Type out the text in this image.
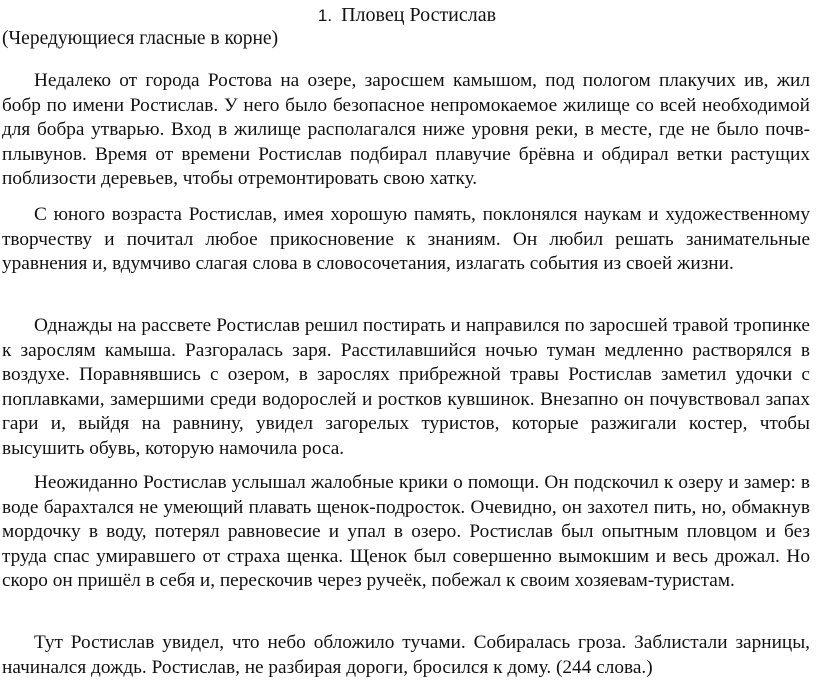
1. Пловец Ростислав
(Чередующиеся гласные в корне)

Недалеко от города Ростова на озере, заросшем камышом, под пологом плакучих ив, жил бобр по имени Ростислав. У него было безопасное непромокаемое жилище со всей необходимой для бобра утварью. Вход в жилище располагался ниже уровня реки, в месте, где не было почв-плывунов. Время от времени Ростислав подбирал плавучие брёвна и обдирал ветки растущих поблизости деревьев, чтобы отремонтировать свою хатку.

С юного возраста Ростислав, имея хорошую память, поклонялся наукам и художественному творчеству и почитал любое прикосновение к знаниям. Он любил решать занимательные уравнения и, вдумчиво слагая слова в словосочетания, излагать события из своей жизни.

Однажды на рассвете Ростислав решил постирать и направился по заросшей травой тропинке к зарослям камыша. Разгоралась заря. Расстилавшийся ночью туман медленно растворялся в воздухе. Поравнявшись с озером, в зарослях прибрежной травы Ростислав заметил удочки с поплавками, замершими среди водорослей и ростков кувшинок. Внезапно он почувствовал запах гари и, выйдя на равнину, увидел загорелых туристов, которые разжигали костер, чтобы высушить обувь, которую намочила роса.

Неожиданно Ростислав услышал жалобные крики о помощи. Он подскочил к озеру и замер: в воде барахтался не умеющий плавать щенок-подросток. Очевидно, он захотел пить, но, обмакнув мордочку в воду, потерял равновесие и упал в озеро. Ростислав был опытным пловцом и без труда спас умиравшего от страха щенка. Щенок был совершенно вымокшим и весь дрожал. Но скоро он пришёл в себя и, перескочив через ручеёк, побежал к своим хозяевам-туристам.

Тут Ростислав увидел, что небо обложило тучами. Собиралась гроза. Заблистали зарницы, начинался дождь. Ростислав, не разбирая дороги, бросился к дому. (244 слова.)
